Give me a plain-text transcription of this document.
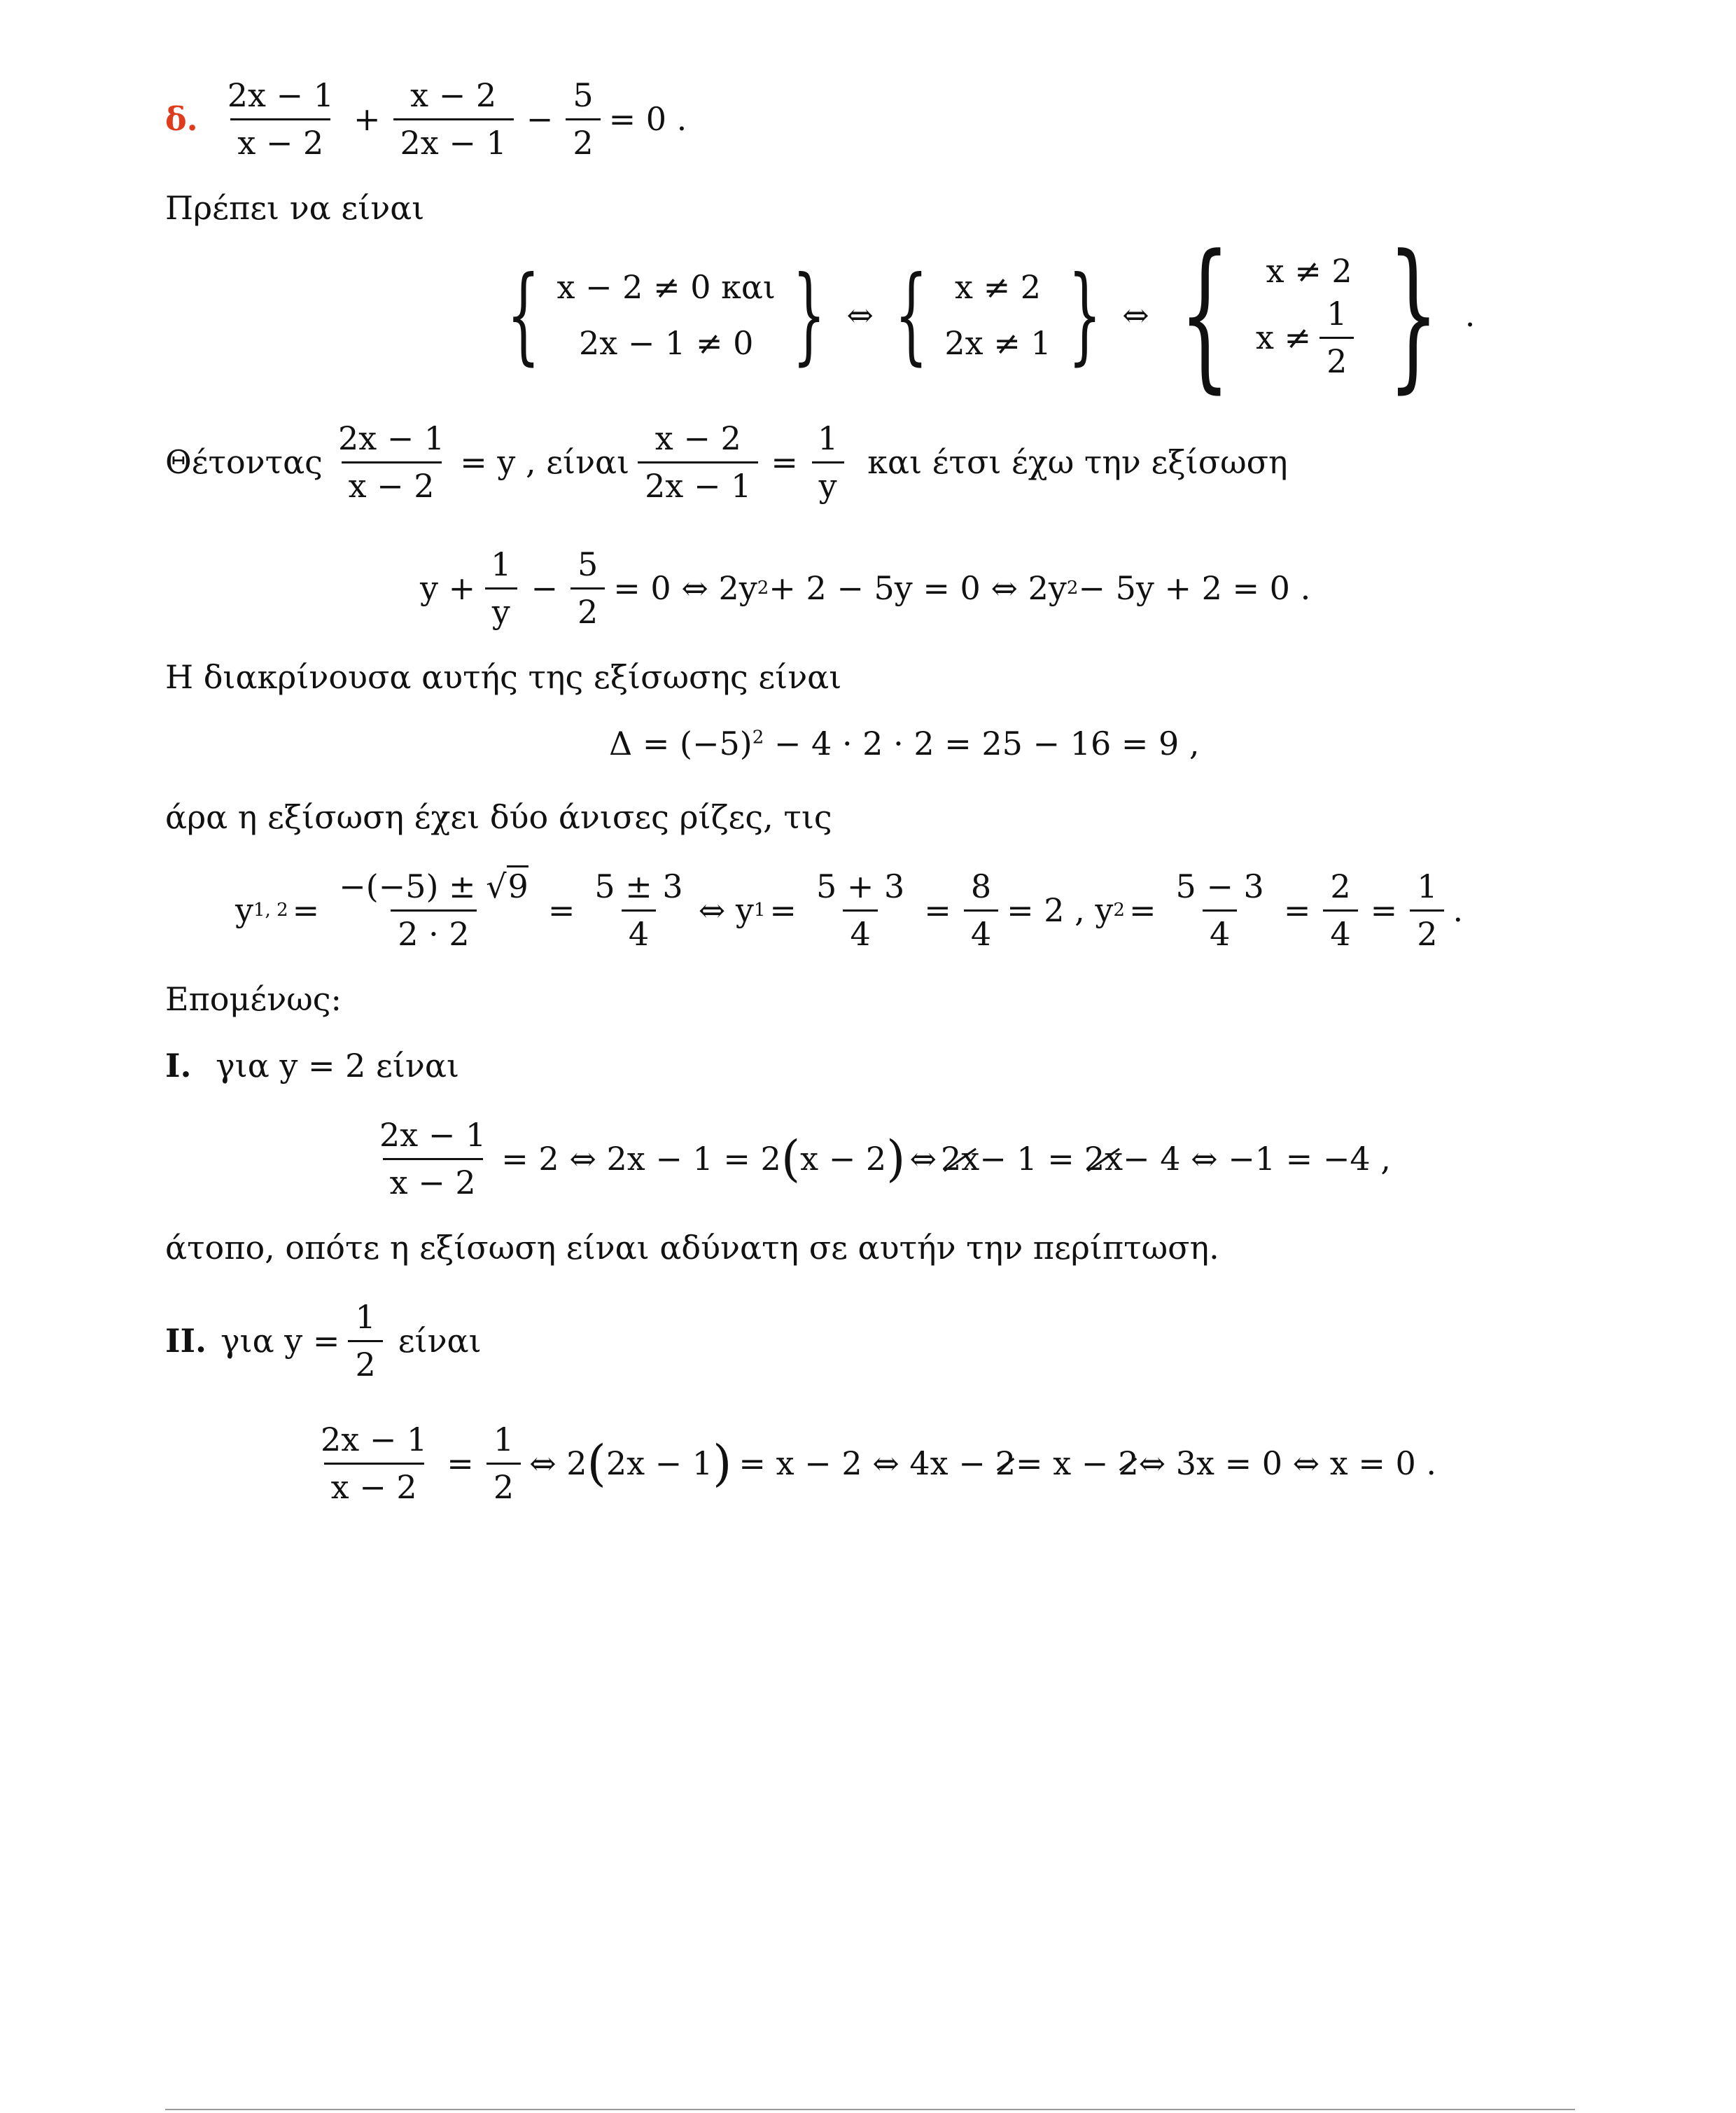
δ. $\frac{2x - 1}{x - 2} + \frac{x - 2}{2x - 1} - \frac{5}{2} = 0$ .
Πρέπει να είναι
{ x − 2 ≠ 0 και
2x − 1 ≠ 0 } ⇔ { x ≠ 2
2x ≠ 1 } ⇔ { x ≠ 2
$x \ne \frac{1}{2}$ } .
Θέτοντας $\frac{2x - 1}{x - 2} = y$ , είναι $\frac{x - 2}{2x - 1} = \frac{1}{y}$ και έτσι έχω την εξίσωση
$y + \frac{1}{y} - \frac{5}{2} = 0$ ⇔ 2y 2 + 2 − 5y = 0 ⇔ 2y 2 − 5y + 2 = 0 .
Η διακρίνουσα αυτής της εξίσωσης είναι
$\Delta = (-5)^2 - 4 \cdot 2 \cdot 2 = 25 - 16 = 9$ ,
άρα η εξίσωση έχει δύο άνισες ρίζες, τις
y 1, $2 = \frac{-(-5) \pm √9}{2 \cdot 2} = \frac{5 \pm 3}{4}$ ⇔ y $1 = \frac{5 + 3}{4} = \frac{8}{4} = 2$ , y $2 = \frac{5 - 3}{4} = \frac{2}{4} = \frac{1}{2}$ .
Επομένως:
I. για y = 2 είναι
$\frac{2x - 1}{x - 2} = 2$ ⇔ 2x − 1 = 2 ( x − 2 ) ⇔ 2x − 1 = 2x − 4 ⇔ −1 = −4 ,
άτοπο, οπότε η εξίσωση είναι αδύνατη σε αυτήν την περίπτωση.
II. για $y = \frac{1}{2}$ είναι
$\frac{2x - 1}{x - 2} = \frac{1}{2}$ ⇔ 2 ( 2x − 1 ) = x − 2 ⇔ 4x − 2 = x − 2 ⇔ 3x = 0 ⇔ x = 0 .
